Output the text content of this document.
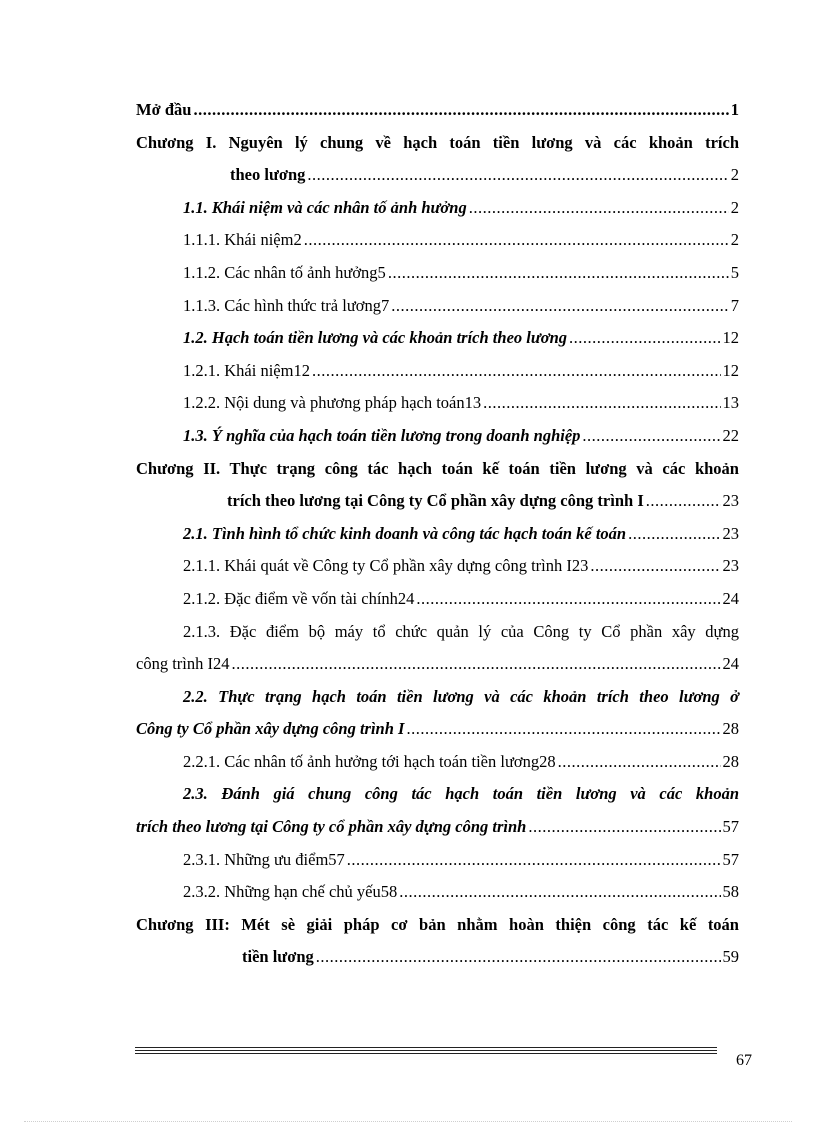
Mở đầu .....	1
Chương I. Nguyên lý chung về hạch toán tiền lương và các khoản trích
theo lương .....	2
1.1. Khái niệm và các nhân tố ảnh hưởng .....	2
1.1.1. Khái niệm2 .....	2
1.1.2. Các nhân tố ảnh hưởng5 .....	5
1.1.3. Các hình thức trả lương7 .....	7
1.2. Hạch toán tiền lương và các khoản trích theo lương .....	12
1.2.1. Khái niệm12 .....	12
1.2.2. Nội dung và phương pháp hạch toán13 .....	13
1.3. Ý nghĩa của hạch toán tiền lương trong doanh nghiệp .....	22
Chương II. Thực trạng công tác hạch toán kế toán tiền lương và các khoản
trích theo lương tại Công ty Cổ phần xây dựng công trình I .....	23
2.1. Tình hình tổ chức kinh doanh và công tác hạch toán kế toán .....	23
2.1.1. Khái quát về Công ty Cổ phần xây dựng công trình I23 .....	23
2.1.2. Đặc điểm về vốn tài chính24 .....	24
2.1.3. Đặc điểm bộ máy tổ chức quản lý của Công ty Cổ phần xây dựng
công trình I24 .....	24
2.2. Thực trạng hạch toán tiền lương và các khoản trích theo lương ở
Công ty Cổ phần xây dựng công trình I .....	28
2.2.1. Các nhân tố ảnh hưởng tới hạch toán tiền lương28 .....	28
2.3. Đánh giá chung công tác hạch toán tiền lương và các khoản
trích theo lương tại Công ty cổ phần xây dựng công trình .....	57
2.3.1. Những ưu điểm57 .....	57
2.3.2. Những hạn chế chủ yếu58 .....	58
Chương III: Mét sè giải pháp cơ bản nhằm hoàn thiện công tác kế toán
tiền lương .....	59
67
